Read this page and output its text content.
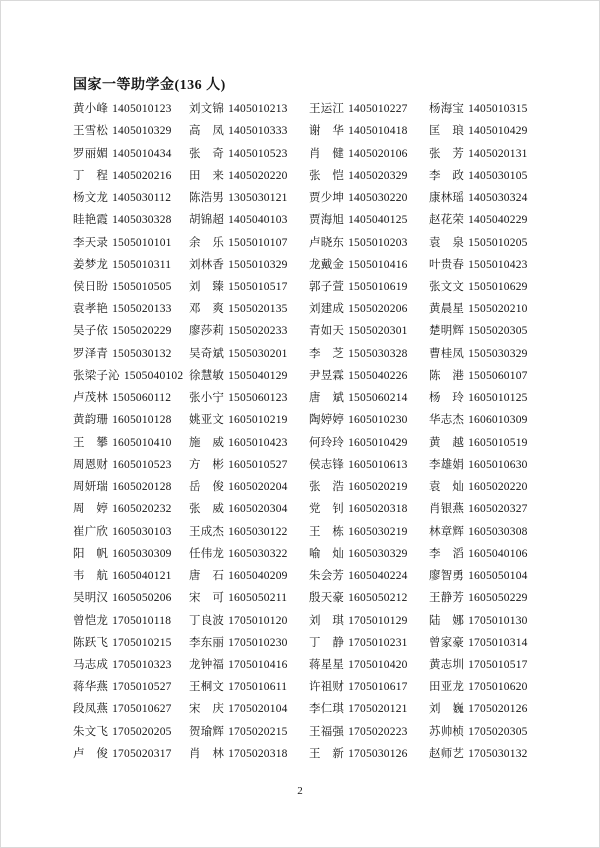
国家一等助学金(136 人)
黄小峰 1405010123 刘文锦 1405010213 王运江 1405010227 杨海宝 1405010315
王雪松 1405010329 高　凤 1405010333 谢　华 1405010418 匡　琅 1405010429
罗丽媚 1405010434 张　奇 1405010523 肖　健 1405020106 张　芳 1405020131
丁　程 1405020216 田　来 1405020220 张　恺 1405020329 李　政 1405030105
杨文龙 1405030112 陈浩男 1305030121 贾少坤 1405030220 康林瑶 1405030324
眭艳霞 1405030328 胡锦超 1405040103 贾海旭 1405040125 赵花荣 1405040229
李天录 1505010101 余　乐 1505010107 卢晓东 1505010203 袁　泉 1505010205
姜梦龙 1505010311 刘林香 1505010329 龙戴金 1505010416 叶贵春 1505010423
侯日盼 1505010505 刘　臻 1505010517 郭子萱 1505010619 张文文 1505010629
袁孝艳 1505020133 邓　爽 1505020135 刘建成 1505020206 黄晨星 1505020210
吴子依 1505020229 廖莎莉 1505020233 青如天 1505020301 楚明辉 1505020305
罗泽青 1505030132 吴奇斌 1505030201 李　芝 1505030328 曹桂凤 1505030329
张梁子沁 1505040102 徐慧敏 1505040129 尹昱霖 1505040226 陈　港 1505060107
卢茂林 1505060112 张小宁 1505060123 唐　斌 1505060214 杨　玲 1605010125
黄韵珊 1605010128 姚亚文 1605010219 陶婷婷 1605010230 华志杰 1606010309
王　攀 1605010410 施　威 1605010423 何玲玲 1605010429 黄　越 1605010519
周恩财 1605010523 方　彬 1605010527 侯志锋 1605010613 李雄娟 1605010630
周妍瑞 1605020128 岳　俊 1605020204 张　浩 1605020219 袁　灿 1605020220
周　婷 1605020232 张　威 1605020304 党　钊 1605020318 肖银燕 1605020327
崔广欣 1605030103 王成杰 1605030122 王　栋 1605030219 林章辉 1605030308
阳　帆 1605030309 任伟龙 1605030322 喻　灿 1605030329 李　滔 1605040106
韦　航 1605040121 唐　石 1605040209 朱会芳 1605040224 廖智勇 1605050104
吴明汉 1605050206 宋　可 1605050211 殷天豪 1605050212 王静芳 1605050229
曾恺龙 1705010118 丁良波 1705010120 刘　琪 1705010129 陆　娜 1705010130
陈跃飞 1705010215 李东丽 1705010230 丁　静 1705010231 曾家豪 1705010314
马志成 1705010323 龙钟福 1705010416 蒋星星 1705010420 黄志圳 1705010517
蒋华燕 1705010527 王桐文 1705010611 许祖财 1705010617 田亚龙 1705010620
段凤燕 1705010627 宋　庆 1705020104 李仁琪 1705020121 刘　巍 1705020126
朱文飞 1705020205 贺瑜辉 1705020215 王福强 1705020223 苏帅桢 1705020305
卢　俊 1705020317 肖　林 1705020318 王　新 1705030126 赵师艺 1705030132
2
